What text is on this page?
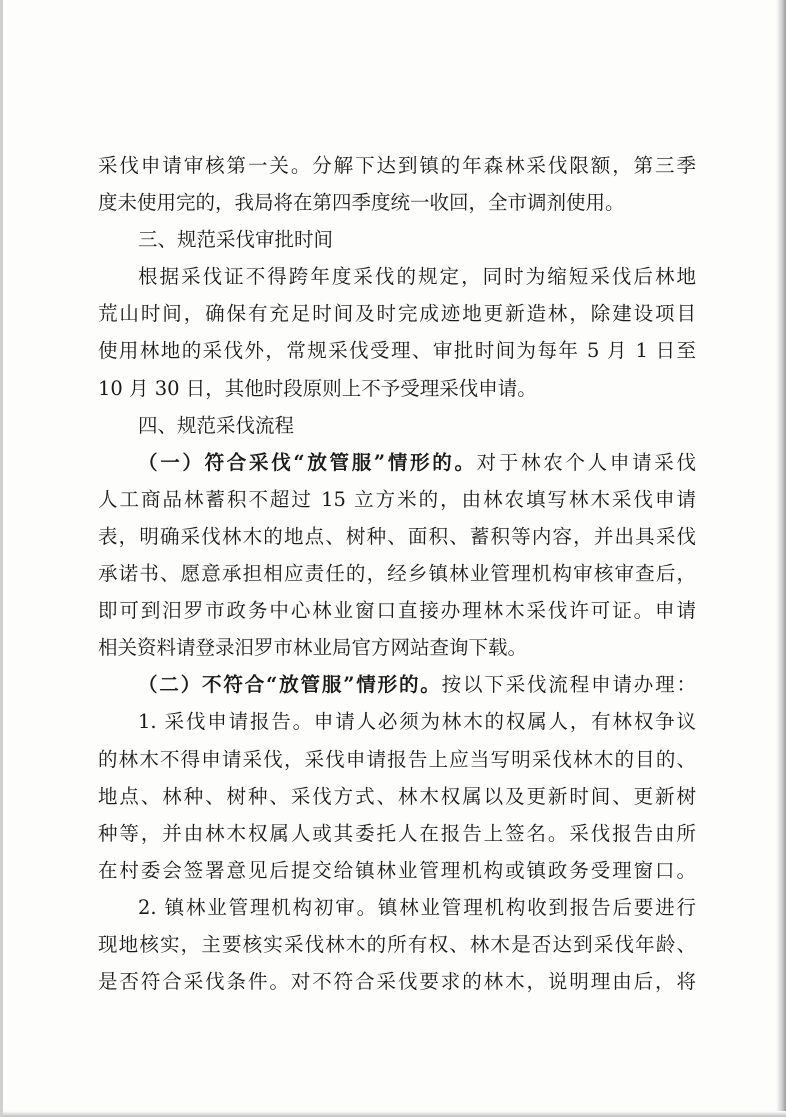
采伐申请审核第一关。分解下达到镇的年森林采伐限额，第三季
度未使用完的，我局将在第四季度统一收回，全市调剂使用。
三、规范采伐审批时间
根据采伐证不得跨年度采伐的规定，同时为缩短采伐后林地
荒山时间，确保有充足时间及时完成迹地更新造林，除建设项目
使用林地的采伐外，常规采伐受理、审批时间为每年 5 月 1 日至
10 月 30 日，其他时段原则上不予受理采伐申请。
四、规范采伐流程
（一）符合采伐“放管服”情形的。对于林农个人申请采伐
人工商品林蓄积不超过 15 立方米的，由林农填写林木采伐申请
表，明确采伐林木的地点、树种、面积、蓄积等内容，并出具采伐
承诺书、愿意承担相应责任的，经乡镇林业管理机构审核审查后，
即可到汨罗市政务中心林业窗口直接办理林木采伐许可证。申请
相关资料请登录汨罗市林业局官方网站查询下载。
（二）不符合“放管服”情形的。按以下采伐流程申请办理：
1. 采伐申请报告。申请人必须为林木的权属人，有林权争议
的林木不得申请采伐，采伐申请报告上应当写明采伐林木的目的、
地点、林种、树种、采伐方式、林木权属以及更新时间、更新树
种等，并由林木权属人或其委托人在报告上签名。采伐报告由所
在村委会签署意见后提交给镇林业管理机构或镇政务受理窗口。
2. 镇林业管理机构初审。镇林业管理机构收到报告后要进行
现地核实，主要核实采伐林木的所有权、林木是否达到采伐年龄、
是否符合采伐条件。对不符合采伐要求的林木，说明理由后，将
